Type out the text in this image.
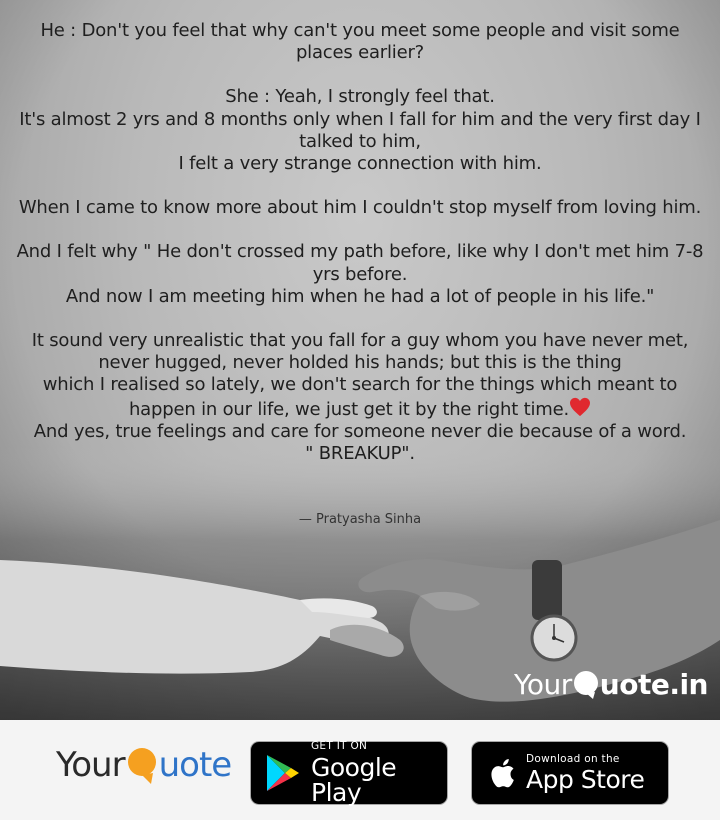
He : Don't you feel that why can't you meet some people and visit some places earlier?

She : Yeah, I strongly feel that.

It's almost 2 yrs and 8 months only when I fall for him and the very first day I talked to him,

I felt a very strange connection with him.

When I came to know more about him I couldn't stop myself from loving him.

And I felt why " He don't crossed my path before, like why I don't met him 7-8 yrs before.

And now I am meeting him when he had a lot of people in his life."

It sound very unrealistic that you fall for a guy whom you have never met, never hugged, never holded his hands; but this is the thing

which I realised so lately, we don't search for the things which meant to happen in our life, we just get it by the right time.

And yes, true feelings and care for someone never die because of a word.

" BREAKUP".

— Pratyasha Sinha
Your uote.in
Your uote	GET IT ON
Google Play
Download on the
App Store
